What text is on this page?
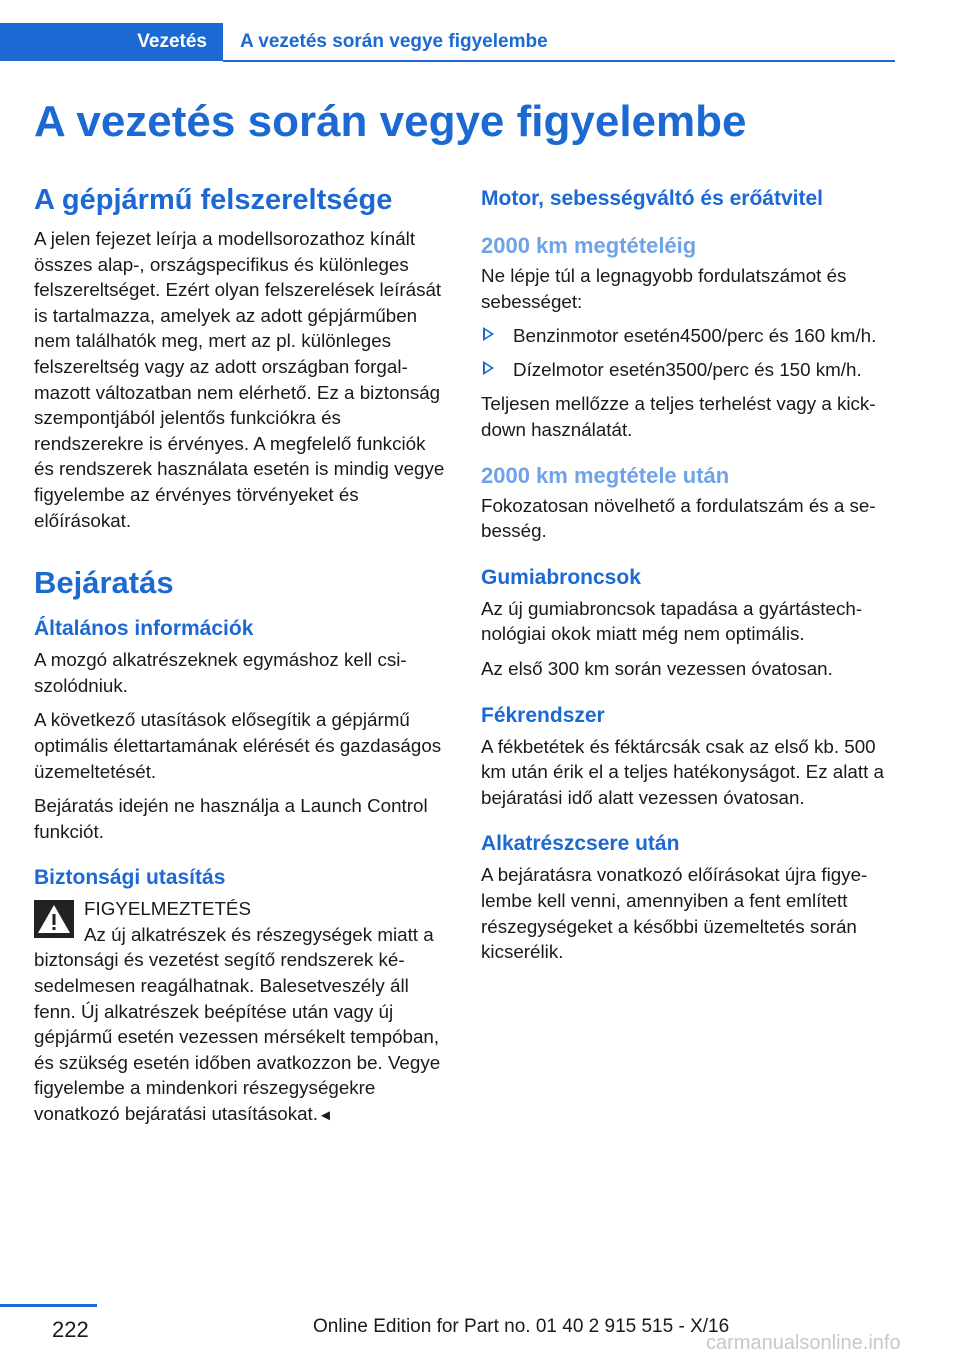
Vezetés	A vezetés során vegye figyelembe
A vezetés során vegye figyelembe
A gépjármű felszereltsége

A jelen fejezet leírja a modellsorozathoz kínált összes alap-, országspecifikus és különleges felszereltséget. Ezért olyan felszerelések leírását is tartalmazza, amelyek az adott gépjárműben nem találhatók meg, mert az pl. különleges felszereltség vagy az adott országban forgalmazott változatban nem elérhető. Ez a biztonság szempontjából jelentős funkciókra és rendszerekre is érvényes. A megfelelő funkciók és rendszerek használata esetén is mindig vegye figyelembe az érvényes törvényeket és előírásokat.

Bejáratás
Általános információk

A mozgó alkatrészeknek egymáshoz kell csiszolódniuk.

A következő utasítások elősegítik a gépjármű optimális élettartamának elérését és gazdaságos üzemeltetését.

Bejáratás idején ne használja a Launch Control funkciót.

Biztonsági utasítás
FIGYELMEZTETÉS
Az új alkatrészek és részegységek miatt a biztonsági és vezetést segítő rendszerek késedelmesen reagálhatnak. Balesetveszély áll fenn. Új alkatrészek beépítése után vagy új gépjármű esetén vezessen mérsékelt tempóban, és szükség esetén időben avatkozzon be. Vegye figyelembe a mindenkori részegységekre vonatkozó bejáratási utasításokat.◄
Motor, sebességváltó és erőátvitel
2000 km megtételéig

Ne lépje túl a legnagyobb fordulatszámot és sebességet:

Benzinmotor esetén4500/perc és 160 km/h.
Dízelmotor esetén3500/perc és 150 km/h.

Teljesen mellőzze a teljes terhelést vagy a kick-down használatát.

2000 km megtétele után

Fokozatosan növelhető a fordulatszám és a sebesség.

Gumiabroncsok

Az új gumiabroncsok tapadása a gyártástechnológiai okok miatt még nem optimális.

Az első 300 km során vezessen óvatosan.

Fékrendszer

A fékbetétek és féktárcsák csak az első kb. 500 km után érik el a teljes hatékonyságot. Ez alatt a bejáratási idő alatt vezessen óvatosan.

Alkatrészcsere után

A bejáratásra vonatkozó előírásokat újra figyelembe kell venni, amennyiben a fent említett részegységeket a későbbi üzemeltetés során kicserélik.

222	Online Edition for Part no. 01 40 2 915 515 - X/16
carmanualsonline.info
